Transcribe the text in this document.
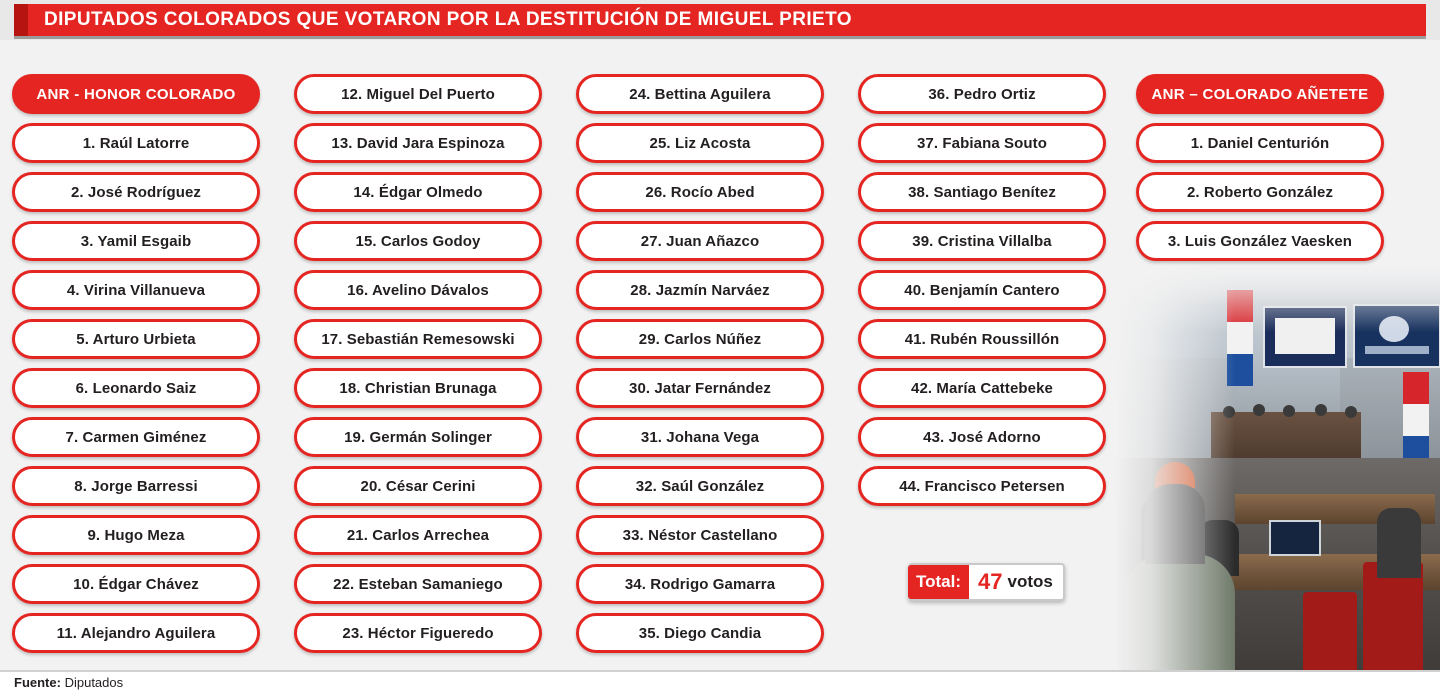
DIPUTADOS COLORADOS QUE VOTARON POR LA DESTITUCIÓN DE MIGUEL PRIETO
ANR - HONOR COLORADO
1. Raúl Latorre
2. José Rodríguez
3. Yamil Esgaib
4. Virina Villanueva
5. Arturo Urbieta
6. Leonardo Saiz
7. Carmen Giménez
8. Jorge Barressi
9. Hugo Meza
10. Édgar Chávez
11. Alejandro Aguilera
12. Miguel Del Puerto
13. David Jara Espinoza
14. Édgar Olmedo
15. Carlos Godoy
16. Avelino Dávalos
17. Sebastián Remesowski
18. Christian Brunaga
19. Germán Solinger
20. César Cerini
21. Carlos Arrechea
22. Esteban Samaniego
23. Héctor Figueredo
24. Bettina Aguilera
25. Liz Acosta
26. Rocío Abed
27. Juan Añazco
28. Jazmín Narváez
29. Carlos Núñez
30. Jatar Fernández
31. Johana Vega
32. Saúl González
33. Néstor Castellano
34. Rodrigo Gamarra
35. Diego Candia
36. Pedro Ortiz
37. Fabiana Souto
38. Santiago Benítez
39. Cristina Villalba
40. Benjamín Cantero
41. Rubén Roussillón
42. María Cattebeke
43. José Adorno
44. Francisco Petersen
ANR – COLORADO AÑETETE
1. Daniel Centurión
2. Roberto González
3. Luis González Vaesken
Total: 47 votos
Fuente: Diputados
